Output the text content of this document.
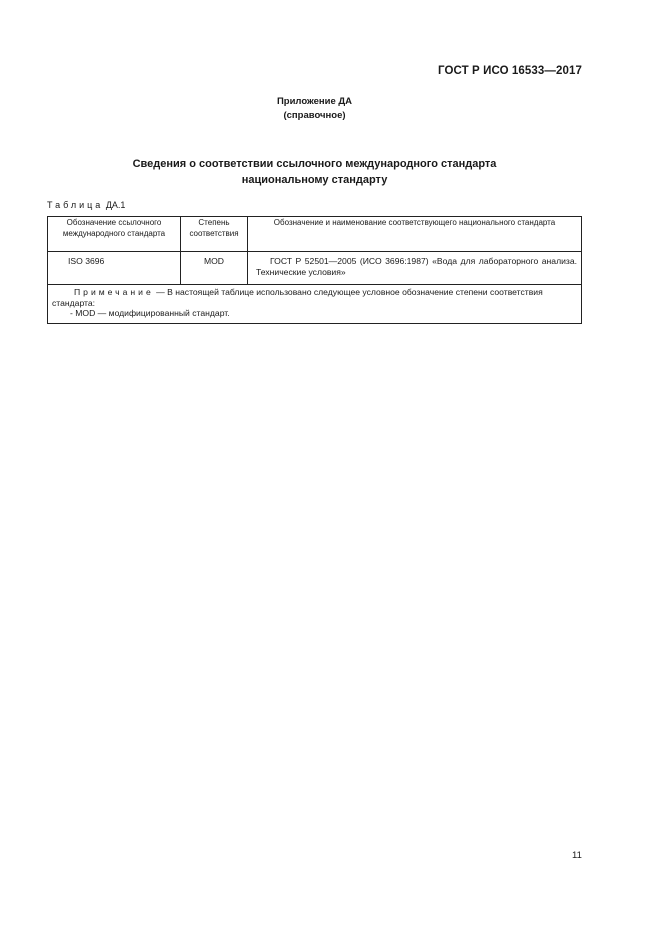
ГОСТ Р ИСО 16533—2017
Приложение ДА
(справочное)
Сведения о соответствии ссылочного международного стандарта
национальному стандарту
Таблица ДА.1
Обозначение ссылочного международного стандарта	Степень соответствия	Обозначение и наименование соответствующего национального стандарта
ISO 3696	MOD	ГОСТ Р 52501—2005 (ИСО 3696:1987) «Вода для лабораторного анализа. Технические условия»

Примечание — В настоящей таблице использовано следующее условное обозначение степени соответствия стандарта:
- MOD — модифицированный стандарт.		
11
